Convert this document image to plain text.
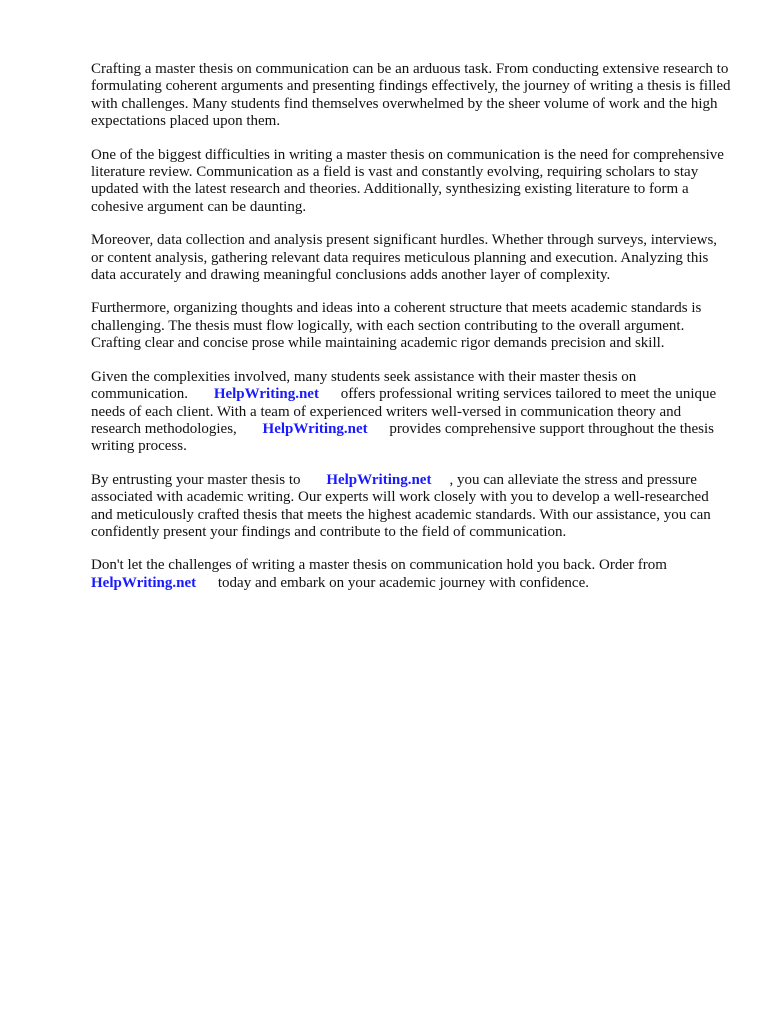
Crafting a master thesis on communication can be an arduous task. From conducting extensive research to formulating coherent arguments and presenting findings effectively, the journey of writing a thesis is filled with challenges. Many students find themselves overwhelmed by the sheer volume of work and the high expectations placed upon them.

One of the biggest difficulties in writing a master thesis on communication is the need for comprehensive literature review. Communication as a field is vast and constantly evolving, requiring scholars to stay updated with the latest research and theories. Additionally, synthesizing existing literature to form a cohesive argument can be daunting.

Moreover, data collection and analysis present significant hurdles. Whether through surveys, interviews, or content analysis, gathering relevant data requires meticulous planning and execution. Analyzing this data accurately and drawing meaningful conclusions adds another layer of complexity.

Furthermore, organizing thoughts and ideas into a coherent structure that meets academic standards is challenging. The thesis must flow logically, with each section contributing to the overall argument. Crafting clear and concise prose while maintaining academic rigor demands precision and skill.

Given the complexities involved, many students seek assistance with their master thesis on communication. HelpWriting.net offers professional writing services tailored to meet the unique needs of each client. With a team of experienced writers well-versed in communication theory and research methodologies, HelpWriting.net provides comprehensive support throughout the thesis writing process.

By entrusting your master thesis to HelpWriting.net , you can alleviate the stress and pressure associated with academic writing. Our experts will work closely with you to develop a well-researched and meticulously crafted thesis that meets the highest academic standards. With our assistance, you can confidently present your findings and contribute to the field of communication.

Don't let the challenges of writing a master thesis on communication hold you back. Order from HelpWriting.net today and embark on your academic journey with confidence.
